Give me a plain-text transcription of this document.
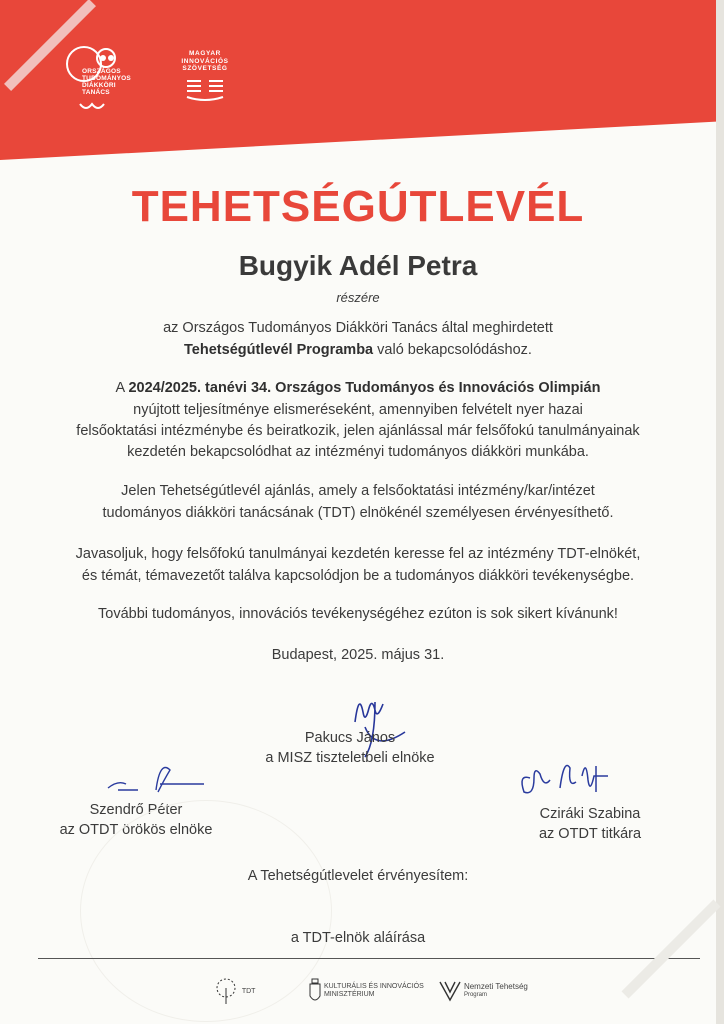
ORSZÁGOS
TUDOMÁNYOS
DIÁKKÖRI
TANÁCS
MAGYAR
INNOVÁCIÓS
SZÖVETSÉG
TEHETSÉGÚTLEVÉL
Bugyik Adél Petra
részére
az Országos Tudományos Diákköri Tanács által meghirdetett
Tehetségútlevél Programba való bekapcsolódáshoz.
A 2024/2025. tanévi 34. Országos Tudományos és Innovációs Olimpián
nyújtott teljesítménye elismeréseként, amennyiben felvételt nyer hazai
felsőoktatási intézménybe és beiratkozik, jelen ajánlással már felsőfokú tanulmányainak
kezdetén bekapcsolódhat az intézményi tudományos diákköri munkába.
Jelen Tehetségútlevél ajánlás, amely a felsőoktatási intézmény/kar/intézet
tudományos diákköri tanácsának (TDT) elnökénél személyesen érvényesíthető.
Javasoljuk, hogy felsőfokú tanulmányai kezdetén keresse fel az intézmény TDT-elnökét,
és témát, témavezetőt találva kapcsolódjon be a tudományos diákköri tevékenységbe.
További tudományos, innovációs tevékenységéhez ezúton is sok sikert kívánunk!
Budapest, 2025. május 31.
Pakucs János
a MISZ tiszteletbeli elnöke
Szendrő Péter
az OTDT örökös elnöke
Cziráki Szabina
az OTDT titkára
A Tehetségútlevelet érvényesítem:
a TDT-elnök aláírása
TDT

KULTURÁLIS ÉS INNOVÁCIÓS
MINISZTÉRIUM

Nemzeti Tehetség
Program
